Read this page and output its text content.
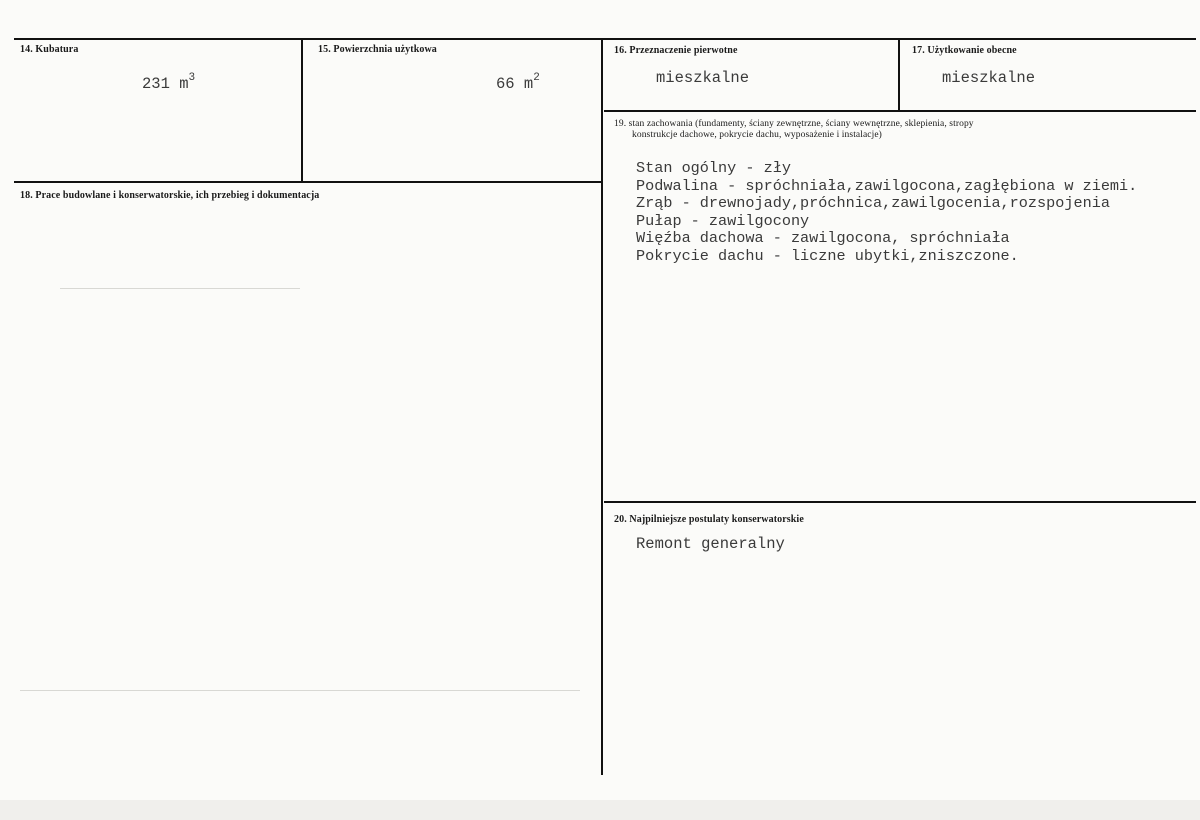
14. Kubatura
231 $m^3$
15. Powierzchnia użytkowa
66 $m^2$
16. Przeznaczenie pierwotne
mieszkalne
17. Użytkowanie obecne
mieszkalne
18. Prace budowlane i konserwatorskie, ich przebieg i dokumentacja
19. stan zachowania (fundamenty, ściany zewnętrzne, ściany wewnętrzne, sklepienia, stropy
konstrukcje dachowe, pokrycie dachu, wyposażenie i instalacje)
Stan ogólny - zły
Podwalina - spróchniała,zawilgocona,zagłębiona w ziemi.
Zrąb - drewnojady,próchnica,zawilgocenia,rozspojenia
Pułap - zawilgocony
Więźba dachowa - zawilgocona, spróchniała
Pokrycie dachu - liczne ubytki,zniszczone.
20. Najpilniejsze postulaty konserwatorskie
Remont generalny
